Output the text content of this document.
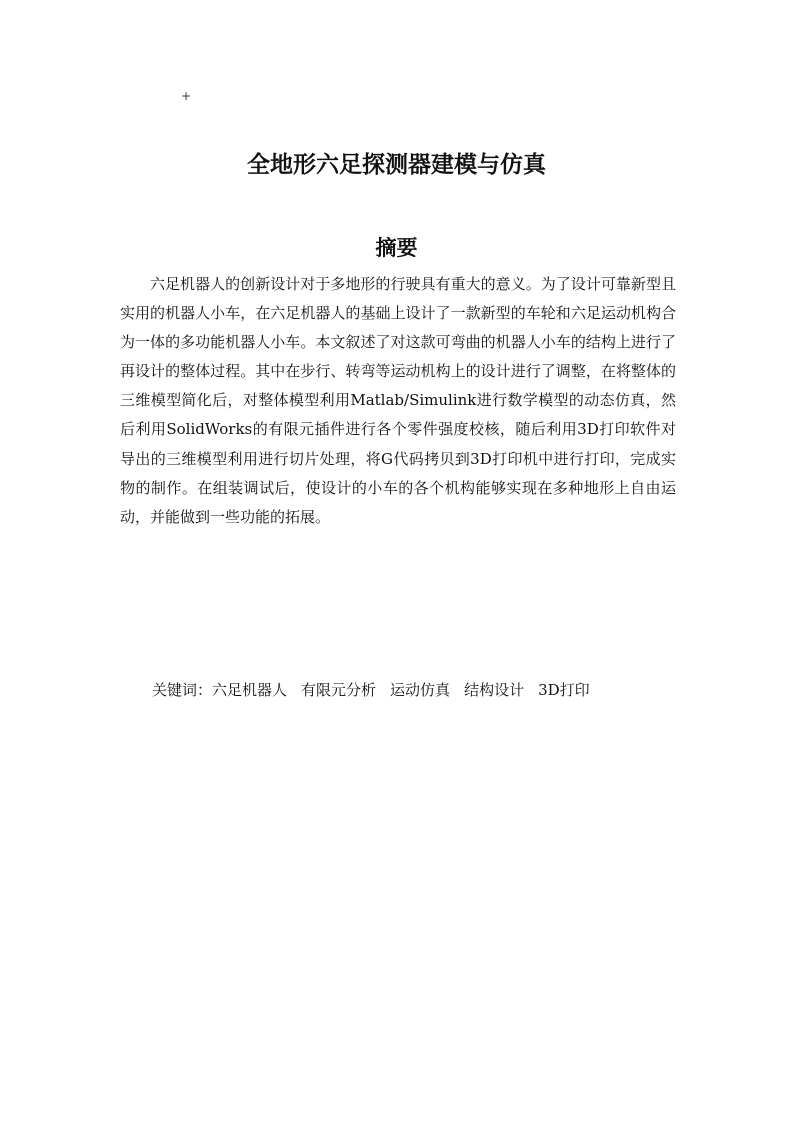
+
全地形六足探测器建模与仿真
摘要

六足机器人的创新设计对于多地形的行驶具有重大的意义。为了设计可靠新型且实用的机器人小车，在六足机器人的基础上设计了一款新型的车轮和六足运动机构合为一体的多功能机器人小车。本文叙述了对这款可弯曲的机器人小车的结构上进行了再设计的整体过程。其中在步行、转弯等运动机构上的设计进行了调整，在将整体的三维模型简化后，对整体模型利用Matlab/Simulink进行数学模型的动态仿真，然后利用SolidWorks的有限元插件进行各个零件强度校核，随后利用3D打印软件对导出的三维模型利用进行切片处理，将G代码拷贝到3D打印机中进行打印，完成实物的制作。在组装调试后，使设计的小车的各个机构能够实现在多种地形上自由运动，并能做到一些功能的拓展。

关键词：六足机器人 有限元分析 运动仿真 结构设计 3D打印
